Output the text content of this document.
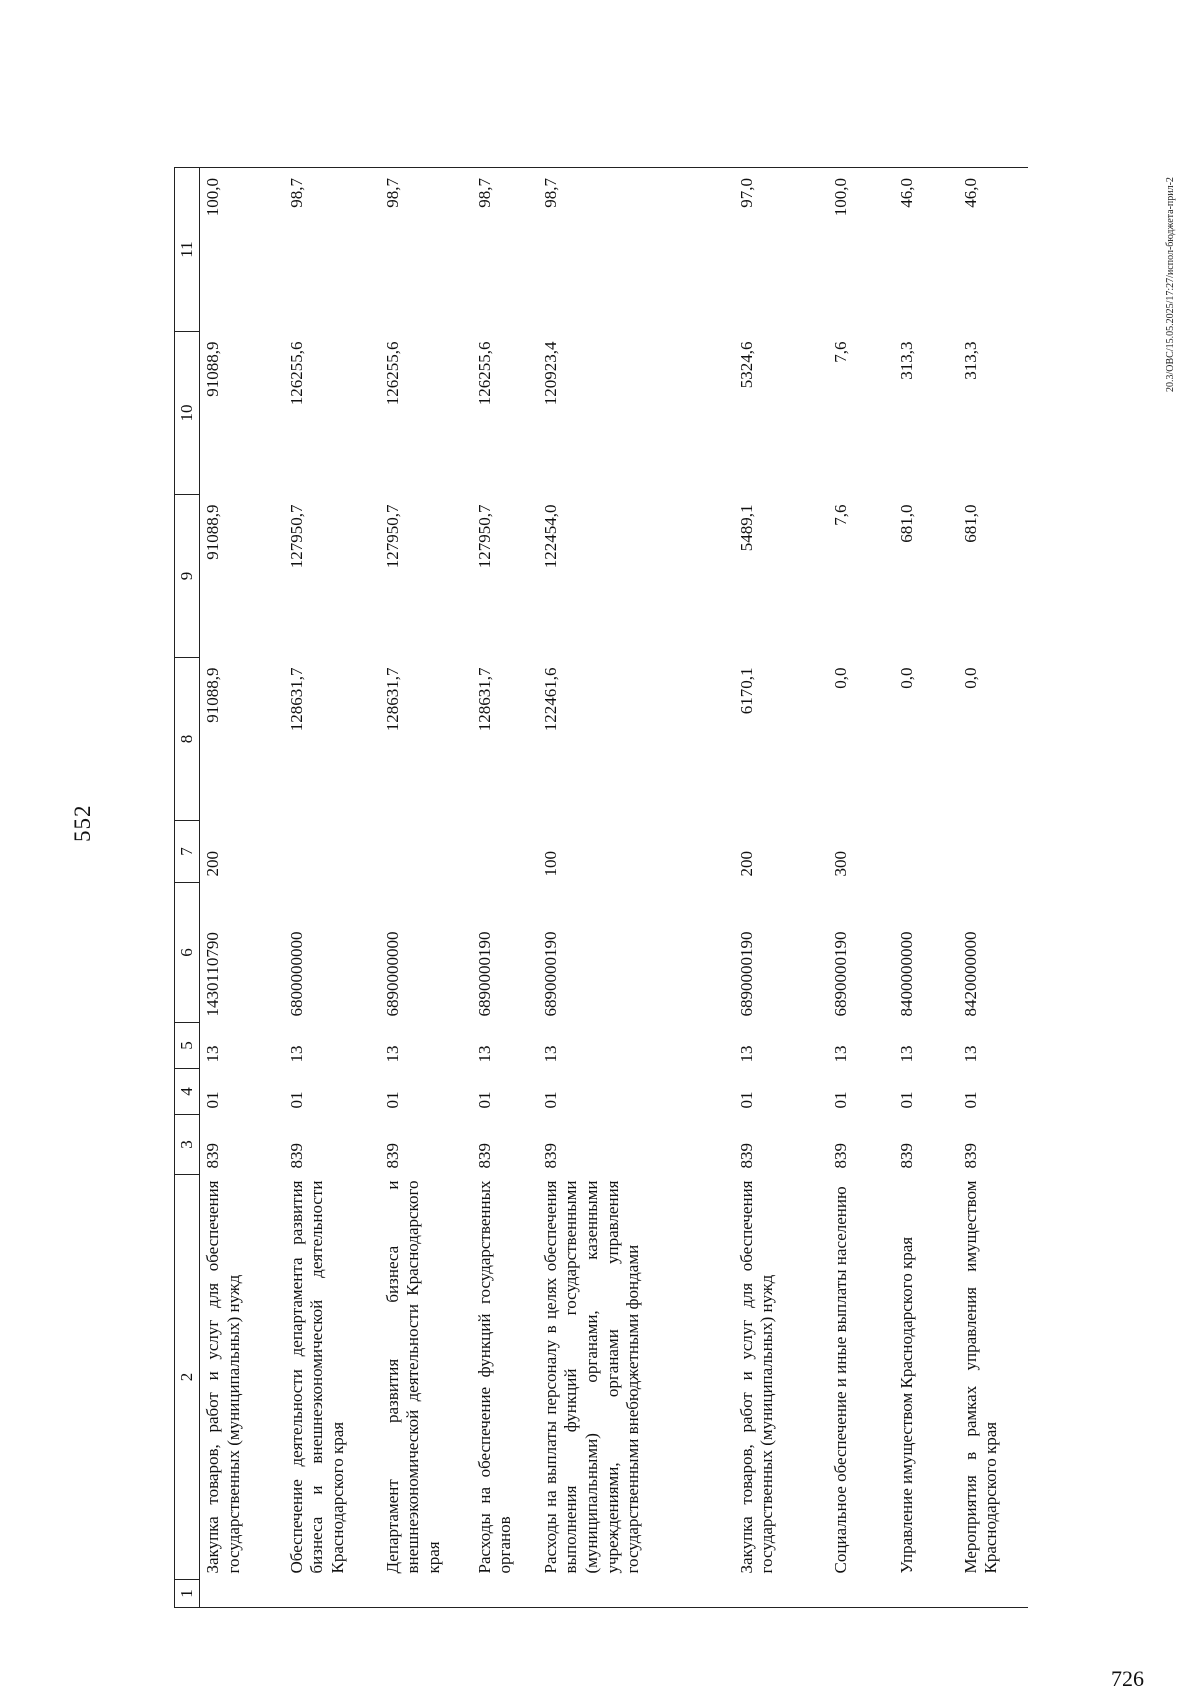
552
20.3/ОВС/15.05.2025/17:27/испол-бюджета-прил-2
726
1	2	3	4	5	6	7	8	9	10	11
	Закупка товаров, работ и услуг для обеспечения государственных (муниципальных) нужд	839	01	13	1430110790	200	91088,9	91088,9	91088,9	100,0
	Обеспечение деятельности департамента развития бизнеса и внешнеэкономической деятельности Краснодарского края	839	01	13	6800000000		128631,7	127950,7	126255,6	98,7
	Департамент развития бизнеса и внешнеэкономической деятельности Краснодарского края	839	01	13	6890000000		128631,7	127950,7	126255,6	98,7
	Расходы на обеспечение функций государственных органов	839	01	13	6890000190		128631,7	127950,7	126255,6	98,7
	Расходы на выплаты персоналу в целях обеспечения выполнения функций государственными (муниципальными) органами, казенными учреждениями, органами управления государственными внебюджетными фондами	839	01	13	6890000190	100	122461,6	122454,0	120923,4	98,7
	Закупка товаров, работ и услуг для обеспечения государственных (муниципальных) нужд	839	01	13	6890000190	200	6170,1	5489,1	5324,6	97,0
	Социальное обеспечение и иные выплаты населению	839	01	13	6890000190	300	0,0	7,6	7,6	100,0
	Управление имуществом Краснодарского края	839	01	13	8400000000		0,0	681,0	313,3	46,0
	Мероприятия в рамках управления имуществом Краснодарского края	839	01	13	8420000000		0,0	681,0	313,3	46,0
